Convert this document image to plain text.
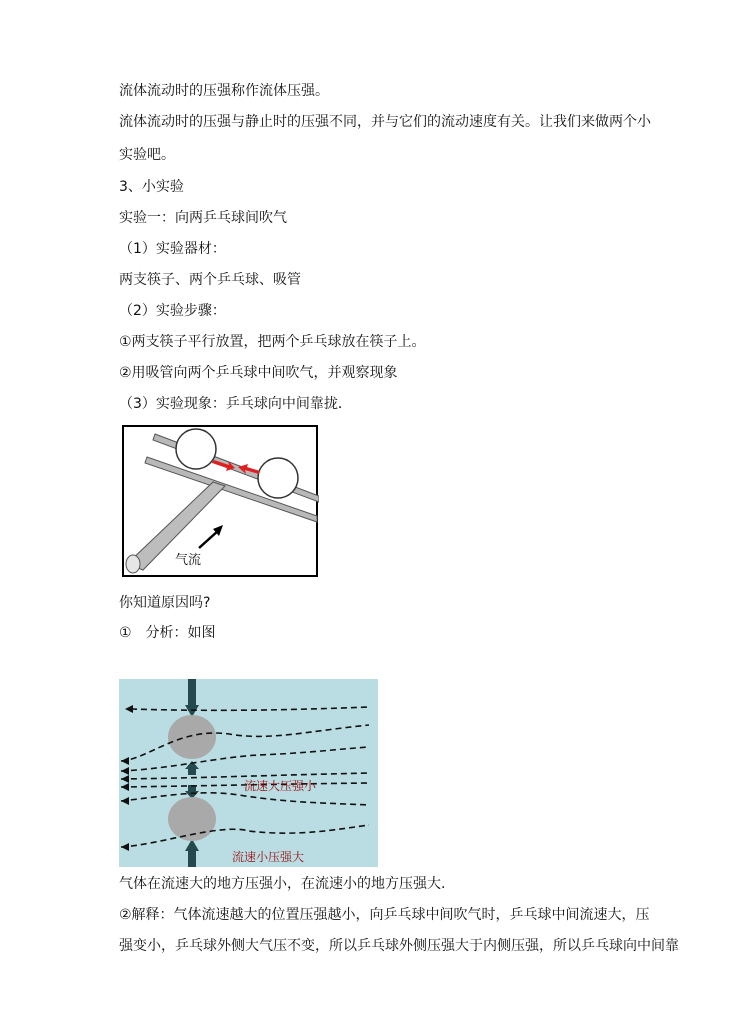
流体流动时的压强称作流体压强。
流体流动时的压强与静止时的压强不同，并与它们的流动速度有关。让我们来做两个小
实验吧。
3、小实验
实验一：向两乒乓球间吹气
（1）实验器材：
两支筷子、两个乒乓球、吸管
（2）实验步骤：
①两支筷子平行放置，把两个乒乓球放在筷子上。
②用吸管向两个乒乓球中间吹气，并观察现象
（3）实验现象：乒乓球向中间靠拢．
气流
你知道原因吗?
①　分析：如图
流速大压强小
流速小压强大
气体在流速大的地方压强小，在流速小的地方压强大.
②解释：气体流速越大的位置压强越小，向乒乓球中间吹气时，乒乓球中间流速大，压
强变小，乒乓球外侧大气压不变，所以乒乓球外侧压强大于内侧压强，所以乒乓球向中间靠
